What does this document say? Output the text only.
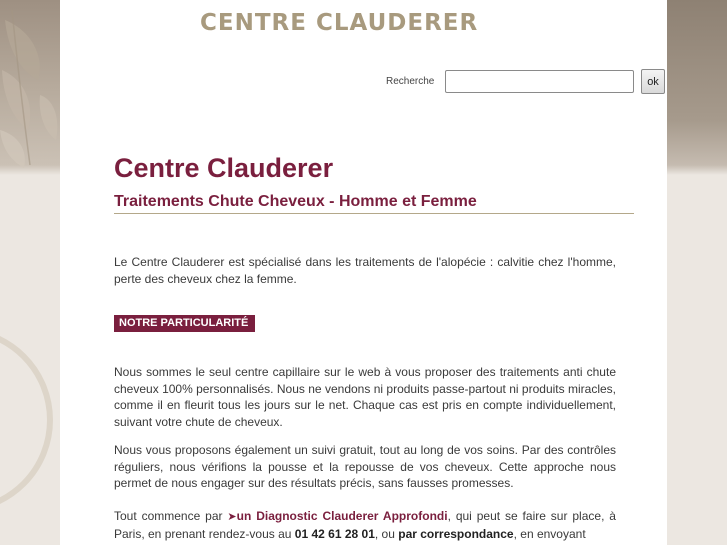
CENTRE CLAUDERER
Recherche	ok
Centre Clauderer
Traitements Chute Cheveux - Homme et Femme

Le Centre Clauderer est spécialisé dans les traitements de l'alopécie : calvitie chez l'homme, perte des cheveux chez la femme.

NOTRE PARTICULARITÉ

Nous sommes le seul centre capillaire sur le web à vous proposer des traitements anti chute cheveux 100% personnalisés. Nous ne vendons ni produits passe-partout ni produits miracles, comme il en fleurit tous les jours sur le net. Chaque cas est pris en compte individuellement, suivant votre chute de cheveux.

Nous vous proposons également un suivi gratuit, tout au long de vos soins. Par des contrôles réguliers, nous vérifions la pousse et la repousse de vos cheveux. Cette approche nous permet de nous engager sur des résultats précis, sans fausses promesses.

Tout commence par ➤un Diagnostic Clauderer Approfondi, qui peut se faire sur place, à Paris, en prenant rendez-vous au 01 42 61 28 01, ou par correspondance, en envoyant
